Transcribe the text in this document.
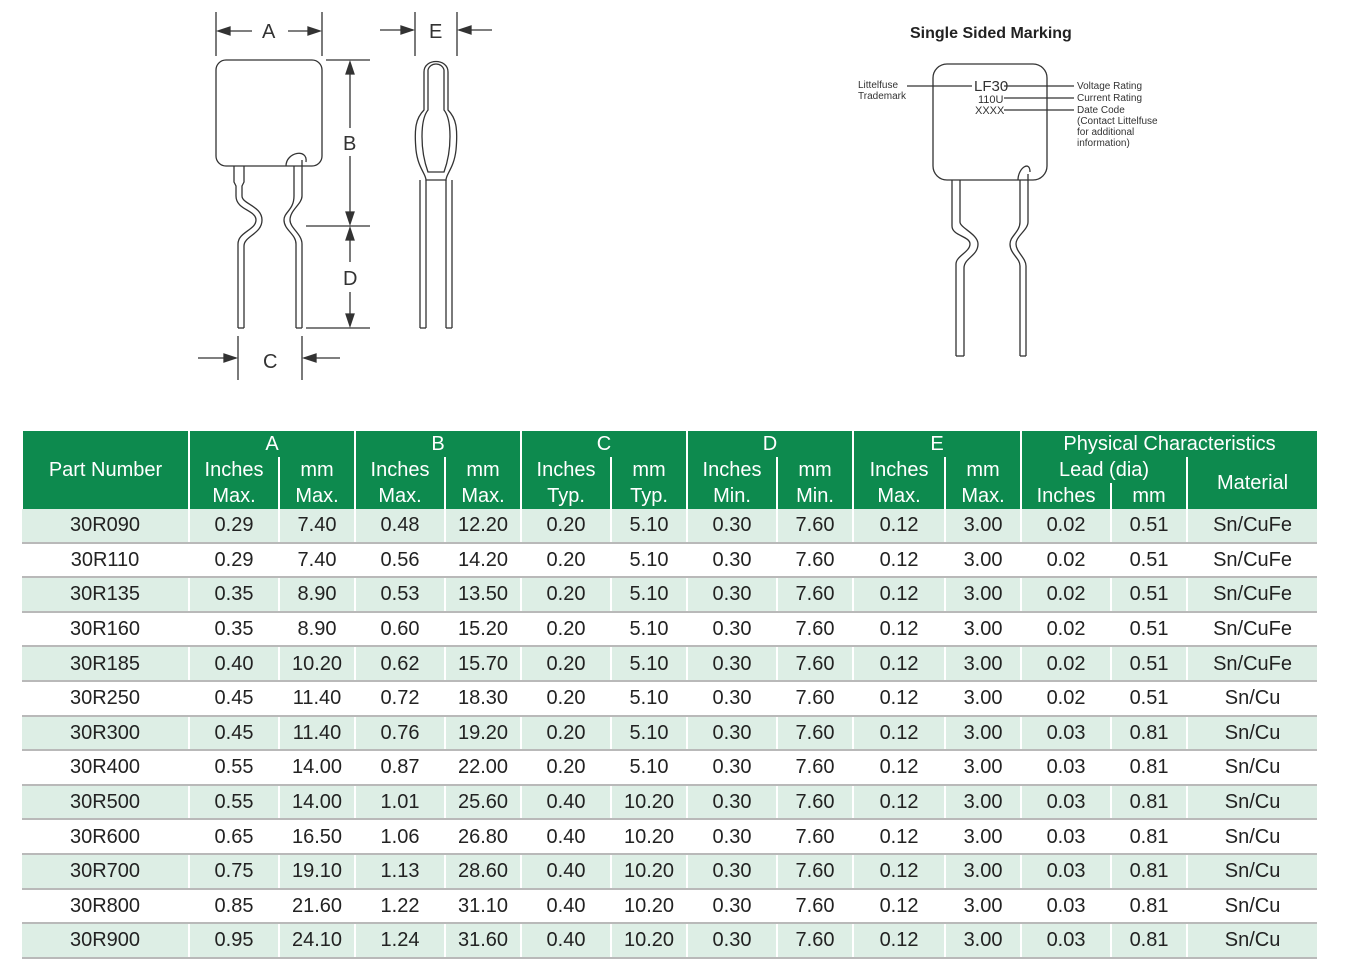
A
B
D
C
E	Single Sided Marking
LF30
110U
XXXX
Littelfuse
Trademark
Voltage Rating
Current Rating
Date Code
(Contact Littelfuse
for additional
information)
Part Number	A		B		C		D		E		Physical Characteristics		
	Inches	mm	Inches	mm	Inches	mm	Inches	mm	Inches	mm	Lead (dia)		Material
	Max.	Max.	Max.	Max.	Typ.	Typ.	Min.	Min.	Max.	Max.	Inches	mm	
30R090	0.29	7.40	0.48	12.20	0.20	5.10	0.30	7.60	0.12	3.00	0.02	0.51	Sn/CuFe
30R110	0.29	7.40	0.56	14.20	0.20	5.10	0.30	7.60	0.12	3.00	0.02	0.51	Sn/CuFe
30R135	0.35	8.90	0.53	13.50	0.20	5.10	0.30	7.60	0.12	3.00	0.02	0.51	Sn/CuFe
30R160	0.35	8.90	0.60	15.20	0.20	5.10	0.30	7.60	0.12	3.00	0.02	0.51	Sn/CuFe
30R185	0.40	10.20	0.62	15.70	0.20	5.10	0.30	7.60	0.12	3.00	0.02	0.51	Sn/CuFe
30R250	0.45	11.40	0.72	18.30	0.20	5.10	0.30	7.60	0.12	3.00	0.02	0.51	Sn/Cu
30R300	0.45	11.40	0.76	19.20	0.20	5.10	0.30	7.60	0.12	3.00	0.03	0.81	Sn/Cu
30R400	0.55	14.00	0.87	22.00	0.20	5.10	0.30	7.60	0.12	3.00	0.03	0.81	Sn/Cu
30R500	0.55	14.00	1.01	25.60	0.40	10.20	0.30	7.60	0.12	3.00	0.03	0.81	Sn/Cu
30R600	0.65	16.50	1.06	26.80	0.40	10.20	0.30	7.60	0.12	3.00	0.03	0.81	Sn/Cu
30R700	0.75	19.10	1.13	28.60	0.40	10.20	0.30	7.60	0.12	3.00	0.03	0.81	Sn/Cu
30R800	0.85	21.60	1.22	31.10	0.40	10.20	0.30	7.60	0.12	3.00	0.03	0.81	Sn/Cu
30R900	0.95	24.10	1.24	31.60	0.40	10.20	0.30	7.60	0.12	3.00	0.03	0.81	Sn/Cu
